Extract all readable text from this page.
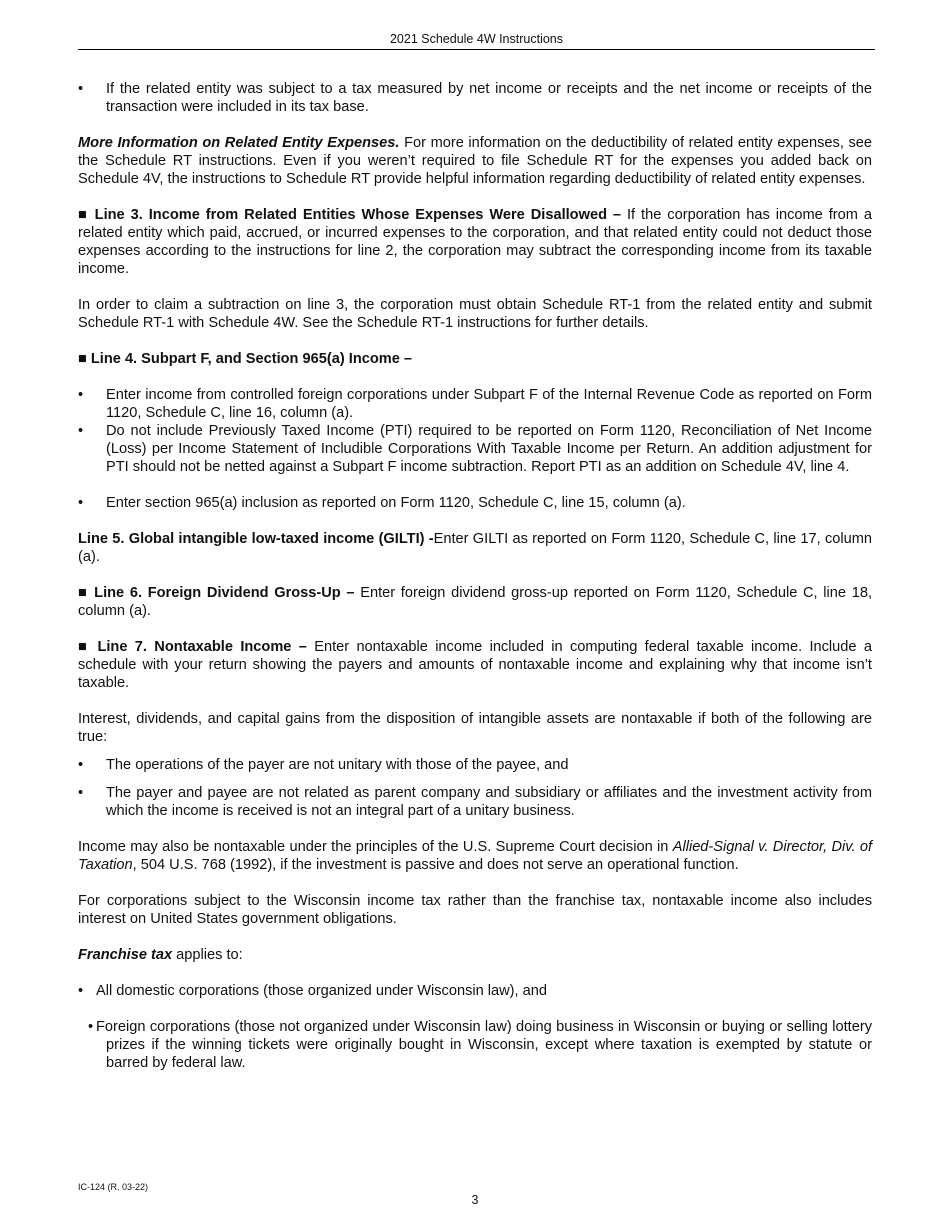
2021 Schedule 4W Instructions
• If the related entity was subject to a tax measured by net income or receipts and the net income or receipts of the transaction were included in its tax base.

More Information on Related Entity Expenses. For more information on the deductibility of related entity expenses, see the Schedule RT instructions. Even if you weren’t required to file Schedule RT for the expenses you added back on Schedule 4V, the instructions to Schedule RT provide helpful information regarding deductibility of related entity expenses.

■ Line 3. Income from Related Entities Whose Expenses Were Disallowed – If the corporation has income from a related entity which paid, accrued, or incurred expenses to the corporation, and that related entity could not deduct those expenses according to the instructions for line 2, the corporation may subtract the corresponding income from its taxable income.

In order to claim a subtraction on line 3, the corporation must obtain Schedule RT-1 from the related entity and submit Schedule RT-1 with Schedule 4W. See the Schedule RT-1 instructions for further details.

■ Line 4. Subpart F, and Section 965(a) Income –

• Enter income from controlled foreign corporations under Subpart F of the Internal Revenue Code as reported on Form 1120, Schedule C, line 16, column (a).
• Do not include Previously Taxed Income (PTI) required to be reported on Form 1120, Reconciliation of Net Income (Loss) per Income Statement of Includible Corporations With Taxable Income per Return. An addition adjustment for PTI should not be netted against a Subpart F income subtraction. Report PTI as an addition on Schedule 4V, line 4.
• Enter section 965(a) inclusion as reported on Form 1120, Schedule C, line 15, column (a).

Line 5. Global intangible low-taxed income (GILTI) -Enter GILTI as reported on Form 1120, Schedule C, line 17, column (a).

■ Line 6. Foreign Dividend Gross-Up – Enter foreign dividend gross-up reported on Form 1120, Schedule C, line 18, column (a).

■ Line 7. Nontaxable Income – Enter nontaxable income included in computing federal taxable income. Include a schedule with your return showing the payers and amounts of nontaxable income and explaining why that income isn’t taxable.

Interest, dividends, and capital gains from the disposition of intangible assets are nontaxable if both of the following are true:

• The operations of the payer are not unitary with those of the payee, and
• The payer and payee are not related as parent company and subsidiary or affiliates and the investment activity from which the income is received is not an integral part of a unitary business.

Income may also be nontaxable under the principles of the U.S. Supreme Court decision in Allied-Signal v. Director, Div. of Taxation, 504 U.S. 768 (1992), if the investment is passive and does not serve an operational function.

For corporations subject to the Wisconsin income tax rather than the franchise tax, nontaxable income also includes interest on United States government obligations.

Franchise tax applies to:

• All domestic corporations (those organized under Wisconsin law), and
• Foreign corporations (those not organized under Wisconsin law) doing business in Wisconsin or buying or selling lottery prizes if the winning tickets were originally bought in Wisconsin, except where taxation is exempted by statute or barred by federal law.
IC-124 (R. 03-22)
3
